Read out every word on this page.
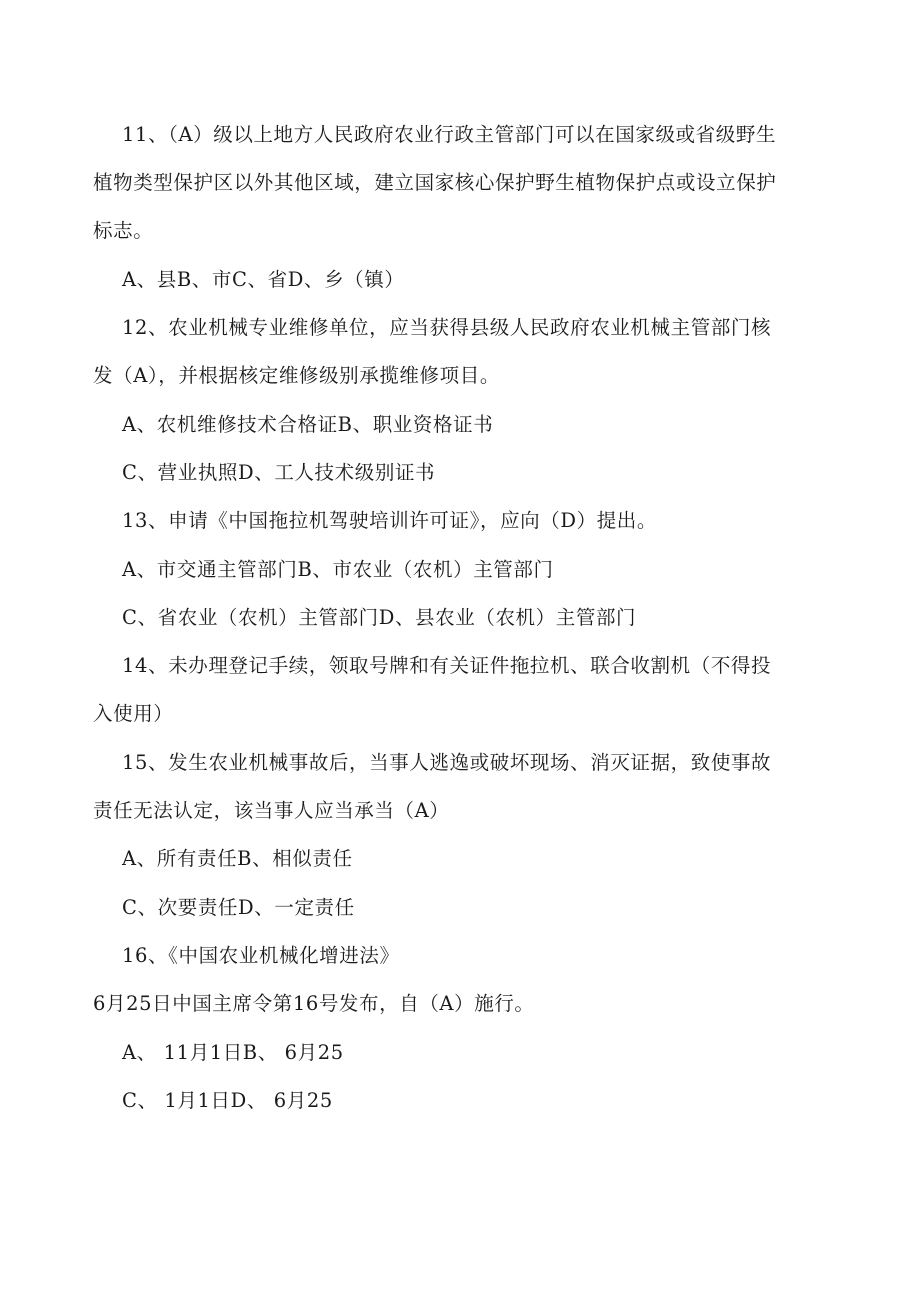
11、（A）级以上地方人民政府农业行政主管部门可以在国家级或省级野生
植物类型保护区以外其他区域，建立国家核心保护野生植物保护点或设立保护
标志。
A、县B、市C、省D、乡（镇）
12、农业机械专业维修单位，应当获得县级人民政府农业机械主管部门核
发（A），并根据核定维修级别承揽维修项目。
A、农机维修技术合格证B、职业资格证书
C、营业执照D、工人技术级别证书
13、申请《中国拖拉机驾驶培训许可证》，应向（D）提出。
A、市交通主管部门B、市农业（农机）主管部门
C、省农业（农机）主管部门D、县农业（农机）主管部门
14、未办理登记手续，领取号牌和有关证件拖拉机、联合收割机（不得投
入使用）
15、发生农业机械事故后，当事人逃逸或破坏现场、消灭证据，致使事故
责任无法认定，该当事人应当承当（A）
A、所有责任B、相似责任
C、次要责任D、一定责任
16、《中国农业机械化增进法》
6月25日中国主席令第16号发布，自（A）施行。
A、 11月1日B、 6月25
C、 1月1日D、 6月25
